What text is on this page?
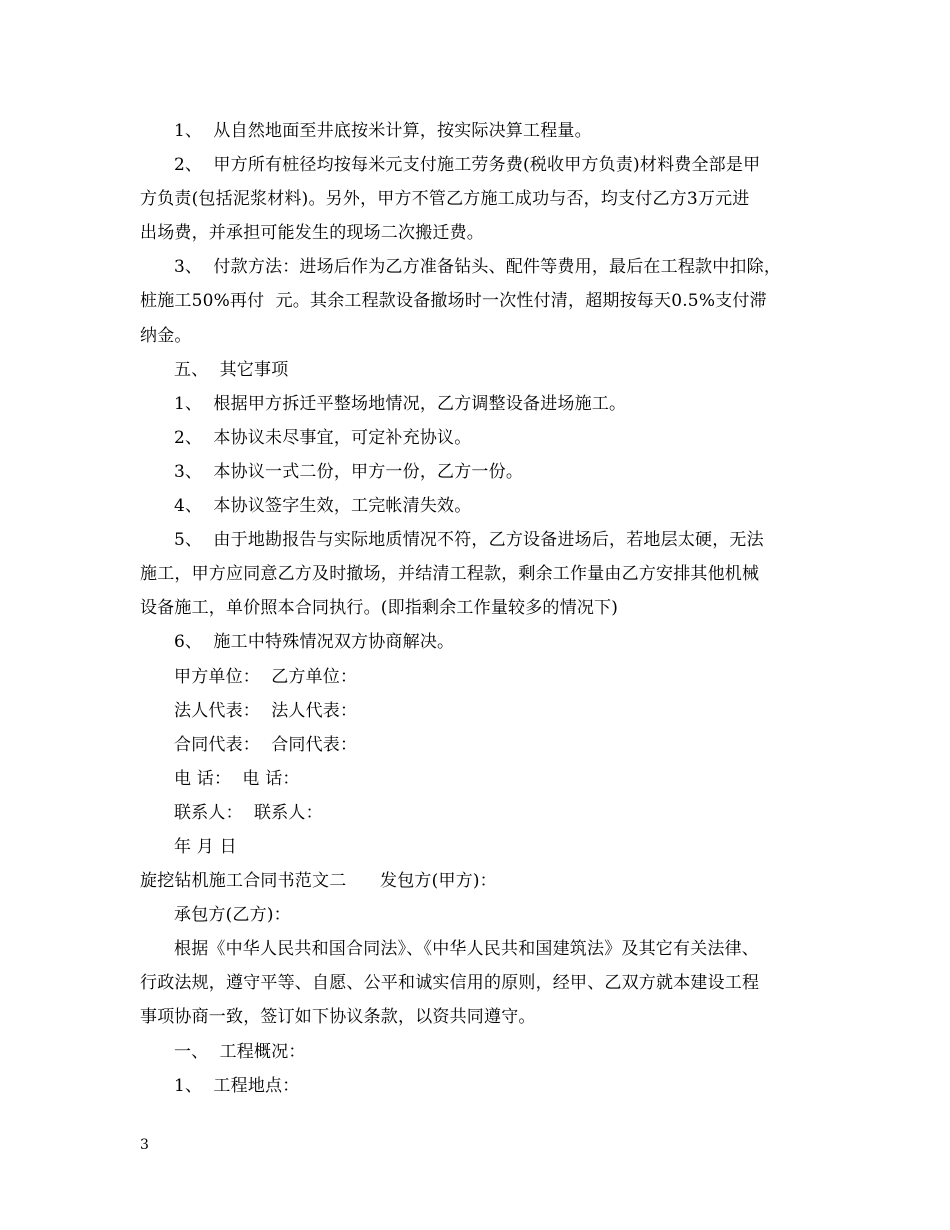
1、  从自然地面至井底按米计算，按实际决算工程量。
2、  甲方所有桩径均按每米元支付施工劳务费(税收甲方负责)材料费全部是甲
方负责(包括泥浆材料)。另外，甲方不管乙方施工成功与否，均支付乙方3万元进
出场费，并承担可能发生的现场二次搬迁费。
3、  付款方法：进场后作为乙方准备钻头、配件等费用，最后在工程款中扣除，
桩施工50%再付  元。其余工程款设备撤场时一次性付清，超期按每天0.5%支付滞
纳金。
五、  其它事项
1、  根据甲方拆迁平整场地情况，乙方调整设备进场施工。
2、  本协议未尽事宜，可定补充协议。
3、  本协议一式二份，甲方一份，乙方一份。
4、  本协议签字生效，工完帐清失效。
5、  由于地勘报告与实际地质情况不符，乙方设备进场后，若地层太硬，无法
施工，甲方应同意乙方及时撤场，并结清工程款，剩余工作量由乙方安排其他机械
设备施工，单价照本合同执行。(即指剩余工作量较多的情况下)
6、  施工中特殊情况双方协商解决。
甲方单位：  乙方单位：
法人代表：  法人代表：
合同代表：  合同代表：
电 话：  电 话：
联系人：  联系人：
年 月 日
旋挖钻机施工合同书范文二      发包方(甲方)：
承包方(乙方)：
根据《中华人民共和国合同法》、《中华人民共和国建筑法》及其它有关法律、
行政法规，遵守平等、自愿、公平和诚实信用的原则，经甲、乙双方就本建设工程
事项协商一致，签订如下协议条款，以资共同遵守。
一、  工程概况：
1、  工程地点：
3
